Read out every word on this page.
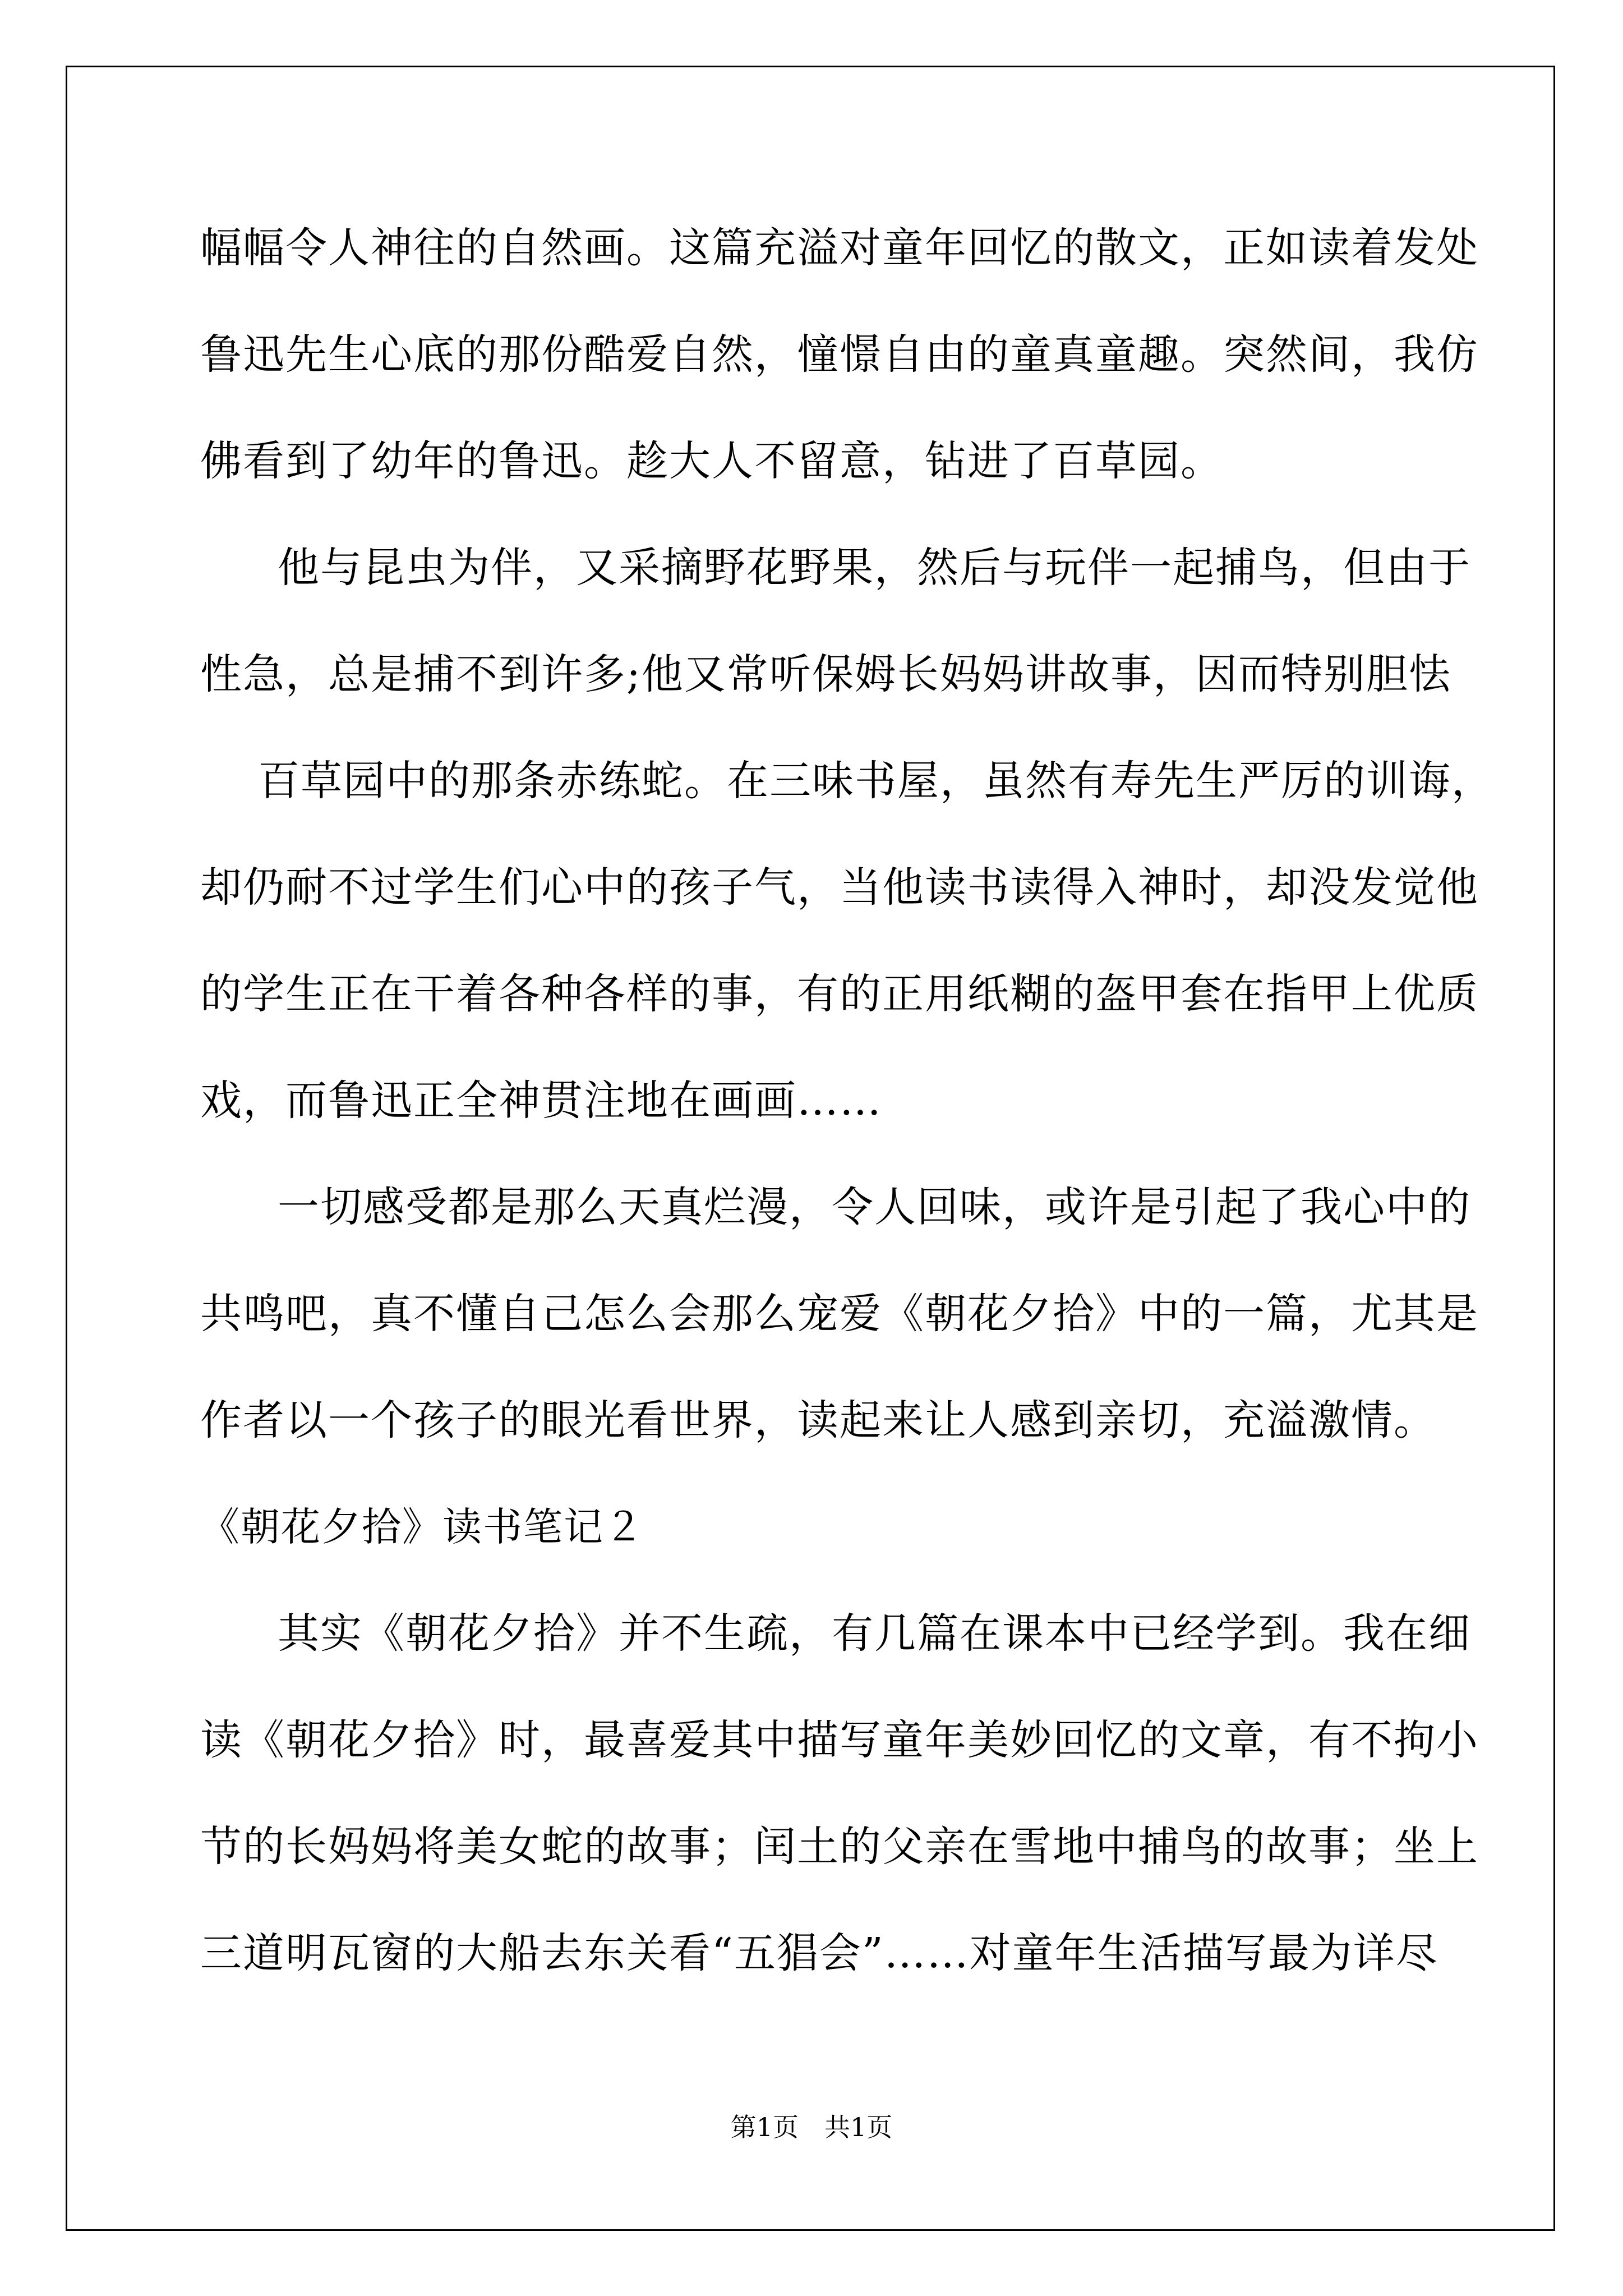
幅幅令人神往的自然画。这篇充溢对童年回忆的散文，正如读着发处
鲁迅先生心底的那份酷爱自然，憧憬自由的童真童趣。突然间，我仿
佛看到了幼年的鲁迅。趁大人不留意，钻进了百草园。
他与昆虫为伴，又采摘野花野果，然后与玩伴一起捕鸟，但由于
性急，总是捕不到许多;他又常听保姆长妈妈讲故事，因而特别胆怯
百草园中的那条赤练蛇。在三味书屋，虽然有寿先生严厉的训诲，
却仍耐不过学生们心中的孩子气，当他读书读得入神时，却没发觉他
的学生正在干着各种各样的事，有的正用纸糊的盔甲套在指甲上优质
戏，而鲁迅正全神贯注地在画画……
一切感受都是那么天真烂漫，令人回味，或许是引起了我心中的
共鸣吧，真不懂自己怎么会那么宠爱《朝花夕拾》中的一篇，尤其是
作者以一个孩子的眼光看世界，读起来让人感到亲切，充溢激情。
《朝花夕拾》读书笔记２
其实《朝花夕拾》并不生疏，有几篇在课本中已经学到。我在细
读《朝花夕拾》时，最喜爱其中描写童年美妙回忆的文章，有不拘小
节的长妈妈将美女蛇的故事；闰土的父亲在雪地中捕鸟的故事；坐上
三道明瓦窗的大船去东关看“五猖会”……对童年生活描写最为详尽
第1页　共1页
